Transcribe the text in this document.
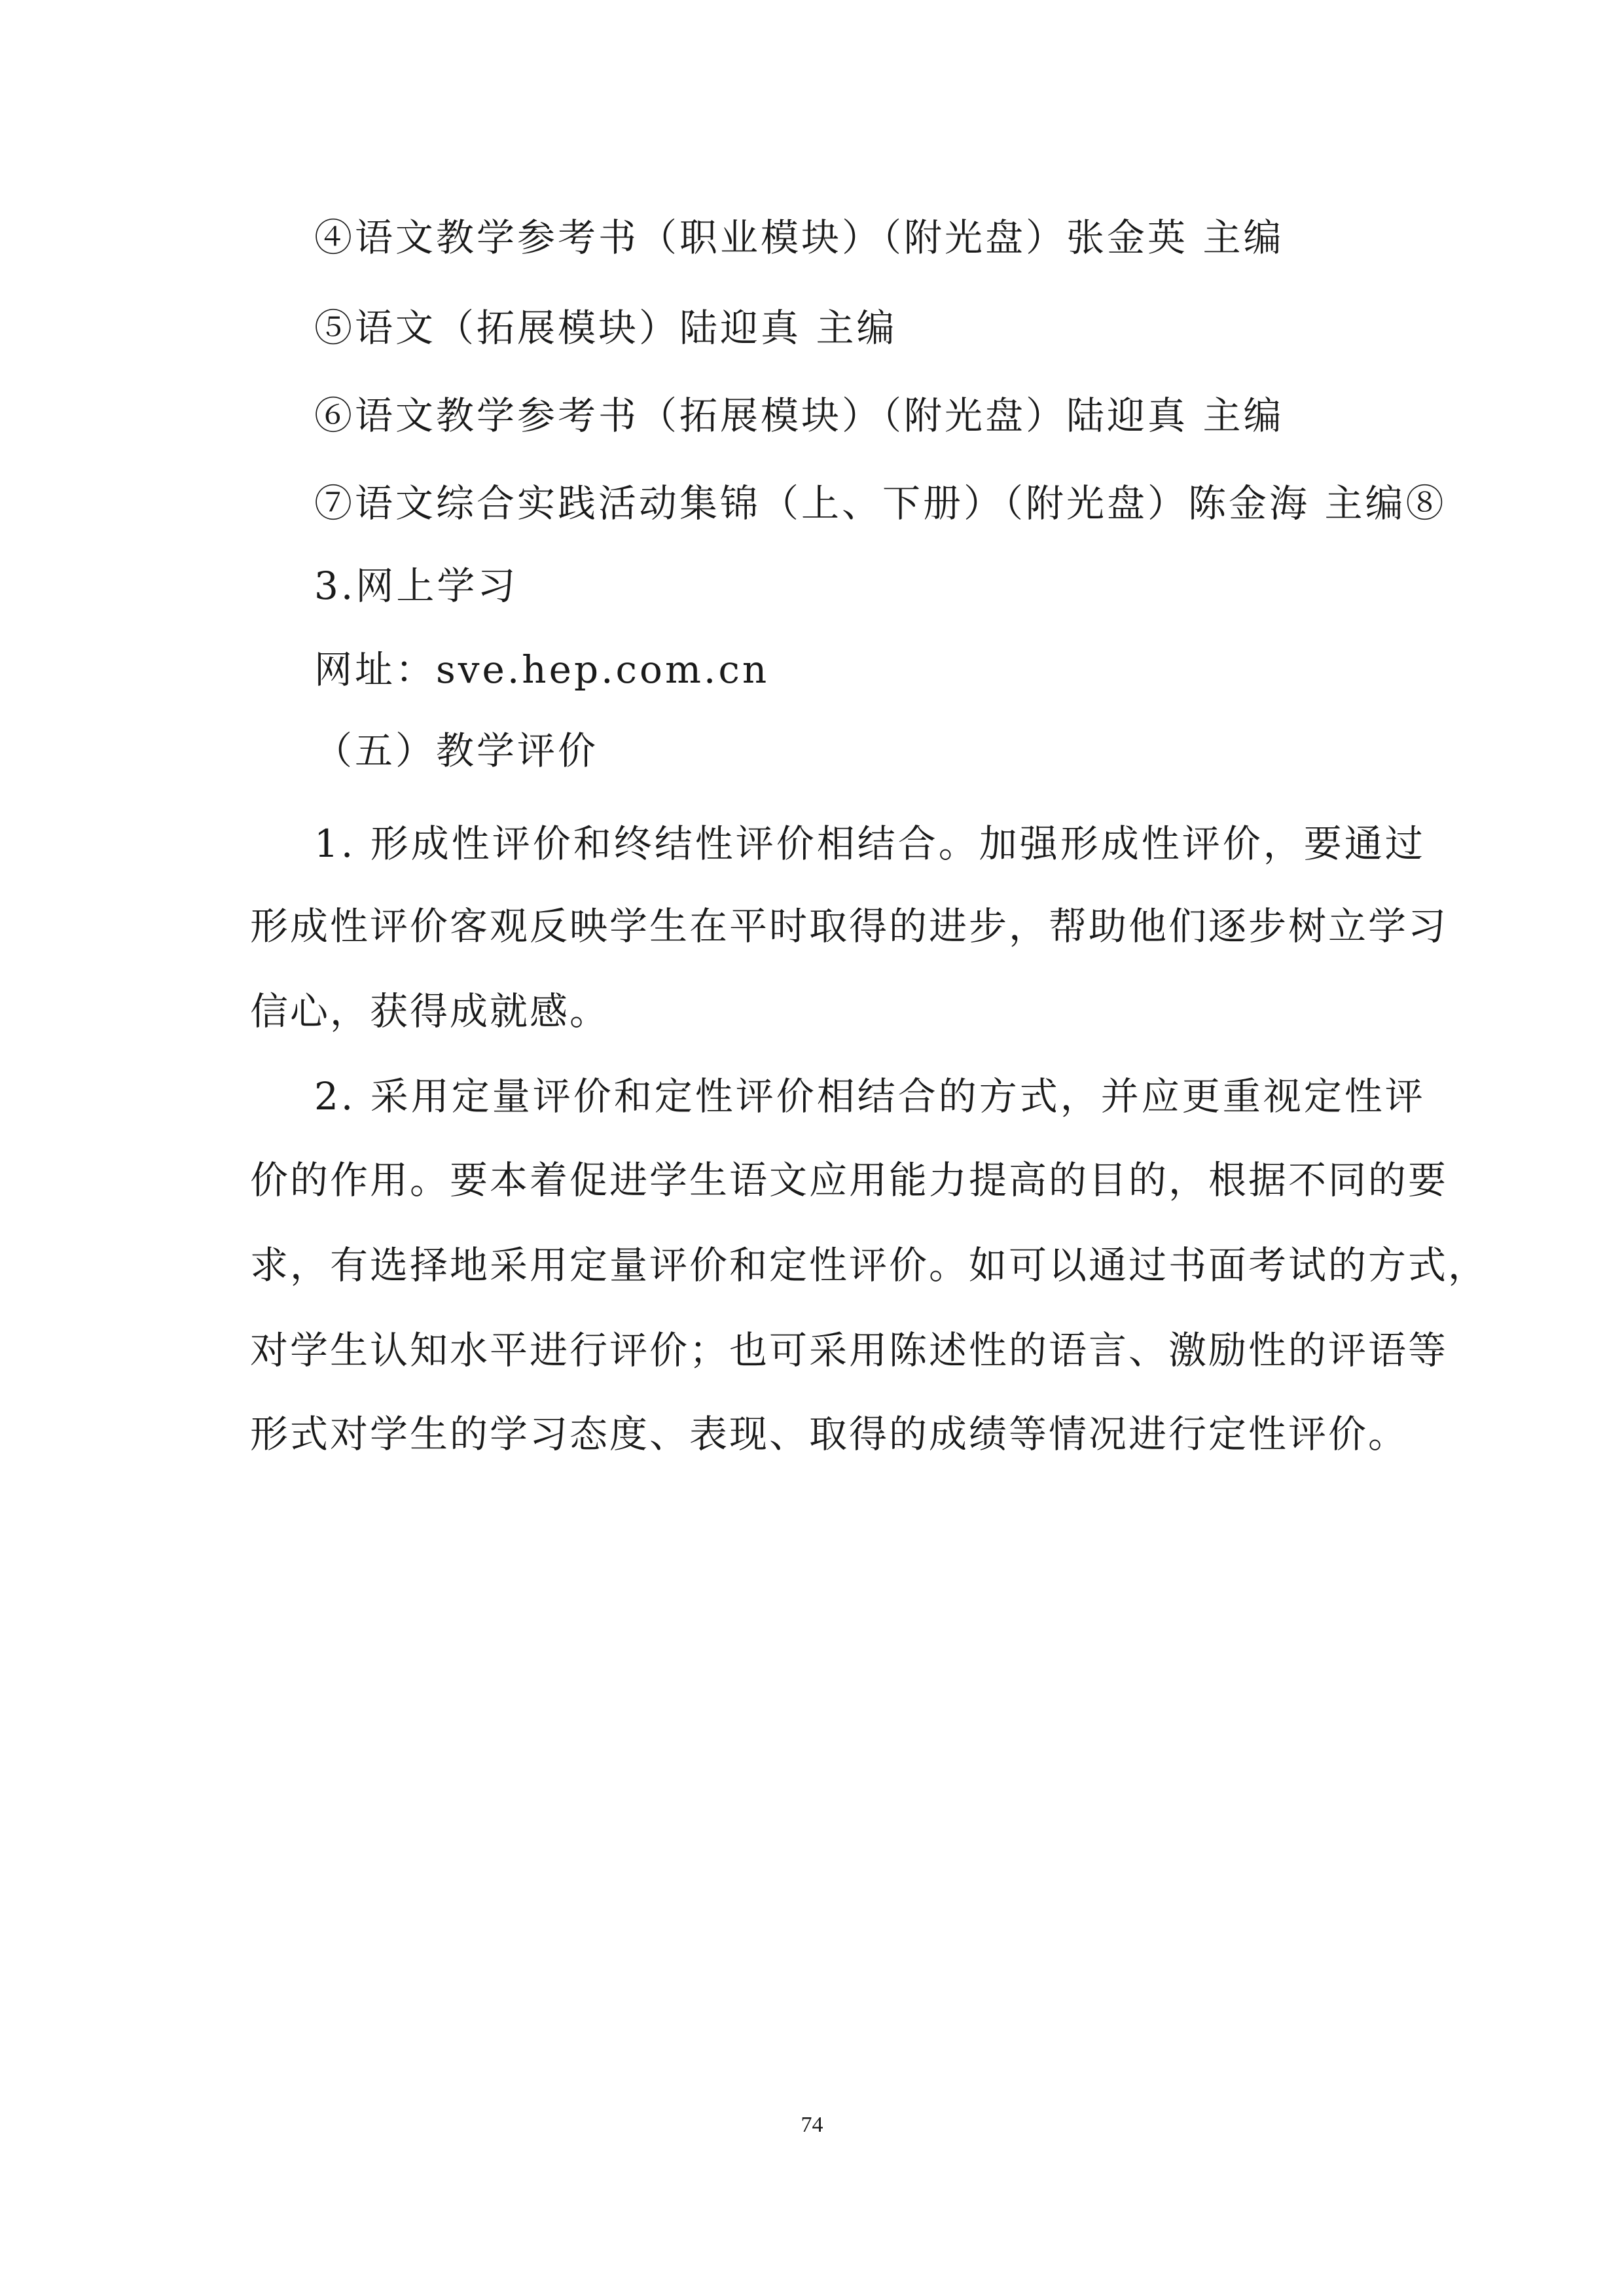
④语文教学参考书（职业模块）（附光盘）张金英 主编
⑤语文（拓展模块）陆迎真 主编
⑥语文教学参考书（拓展模块）（附光盘）陆迎真 主编
⑦语文综合实践活动集锦（上、下册）（附光盘）陈金海 主编⑧
3.网上学习
网址：sve.hep.com.cn
（五）教学评价
1. 形成性评价和终结性评价相结合。加强形成性评价，要通过
形成性评价客观反映学生在平时取得的进步，帮助他们逐步树立学习
信心，获得成就感。
2. 采用定量评价和定性评价相结合的方式，并应更重视定性评
价的作用。要本着促进学生语文应用能力提高的目的，根据不同的要
求，有选择地采用定量评价和定性评价。如可以通过书面考试的方式，
对学生认知水平进行评价；也可采用陈述性的语言、激励性的评语等
形式对学生的学习态度、表现、取得的成绩等情况进行定性评价。
74
